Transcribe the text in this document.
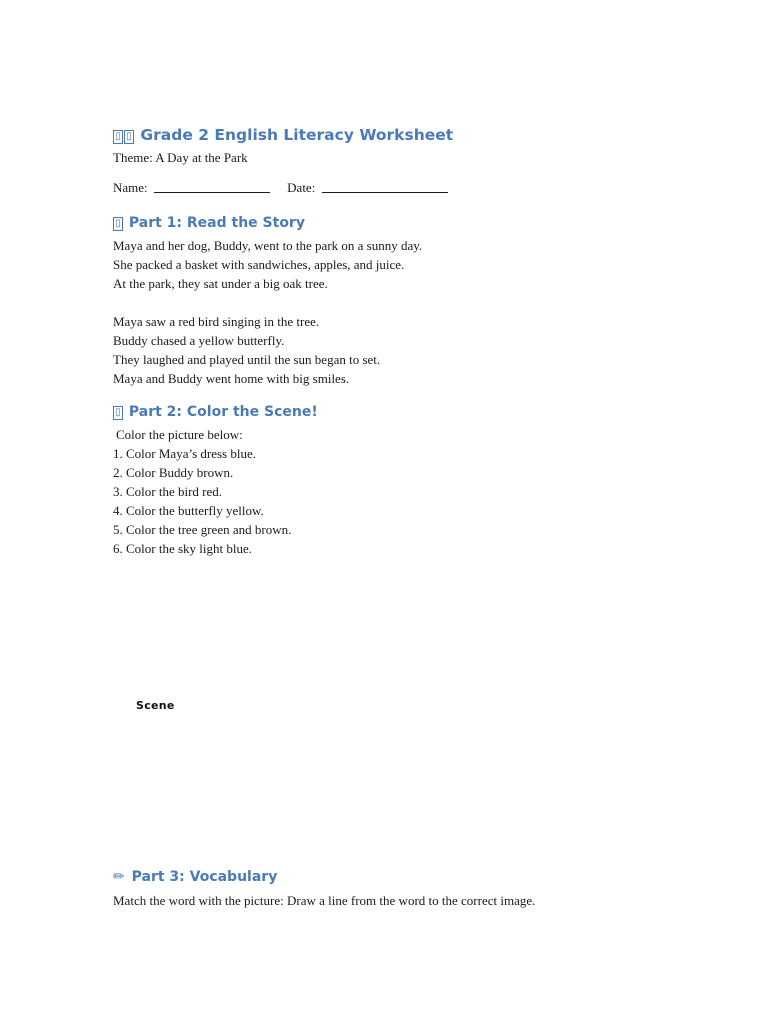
▯ ▯ Grade 2 English Literacy Worksheet
Theme: A Day at the Park
Name:	Date:
▯ Part 1: Read the Story
Maya and her dog, Buddy, went to the park on a sunny day.
She packed a basket with sandwiches, apples, and juice.
At the park, they sat under a big oak tree.
Maya saw a red bird singing in the tree.
Buddy chased a yellow butterfly.
They laughed and played until the sun began to set.
Maya and Buddy went home with big smiles.
▯ Part 2: Color the Scene!
Color the picture below:
1. Color Maya’s dress blue.
2. Color Buddy brown.
3. Color the bird red.
4. Color the butterfly yellow.
5. Color the tree green and brown.
6. Color the sky light blue.
✏ Part 3: Vocabulary
Match the word with the picture: Draw a line from the word to the correct image.
Scene
